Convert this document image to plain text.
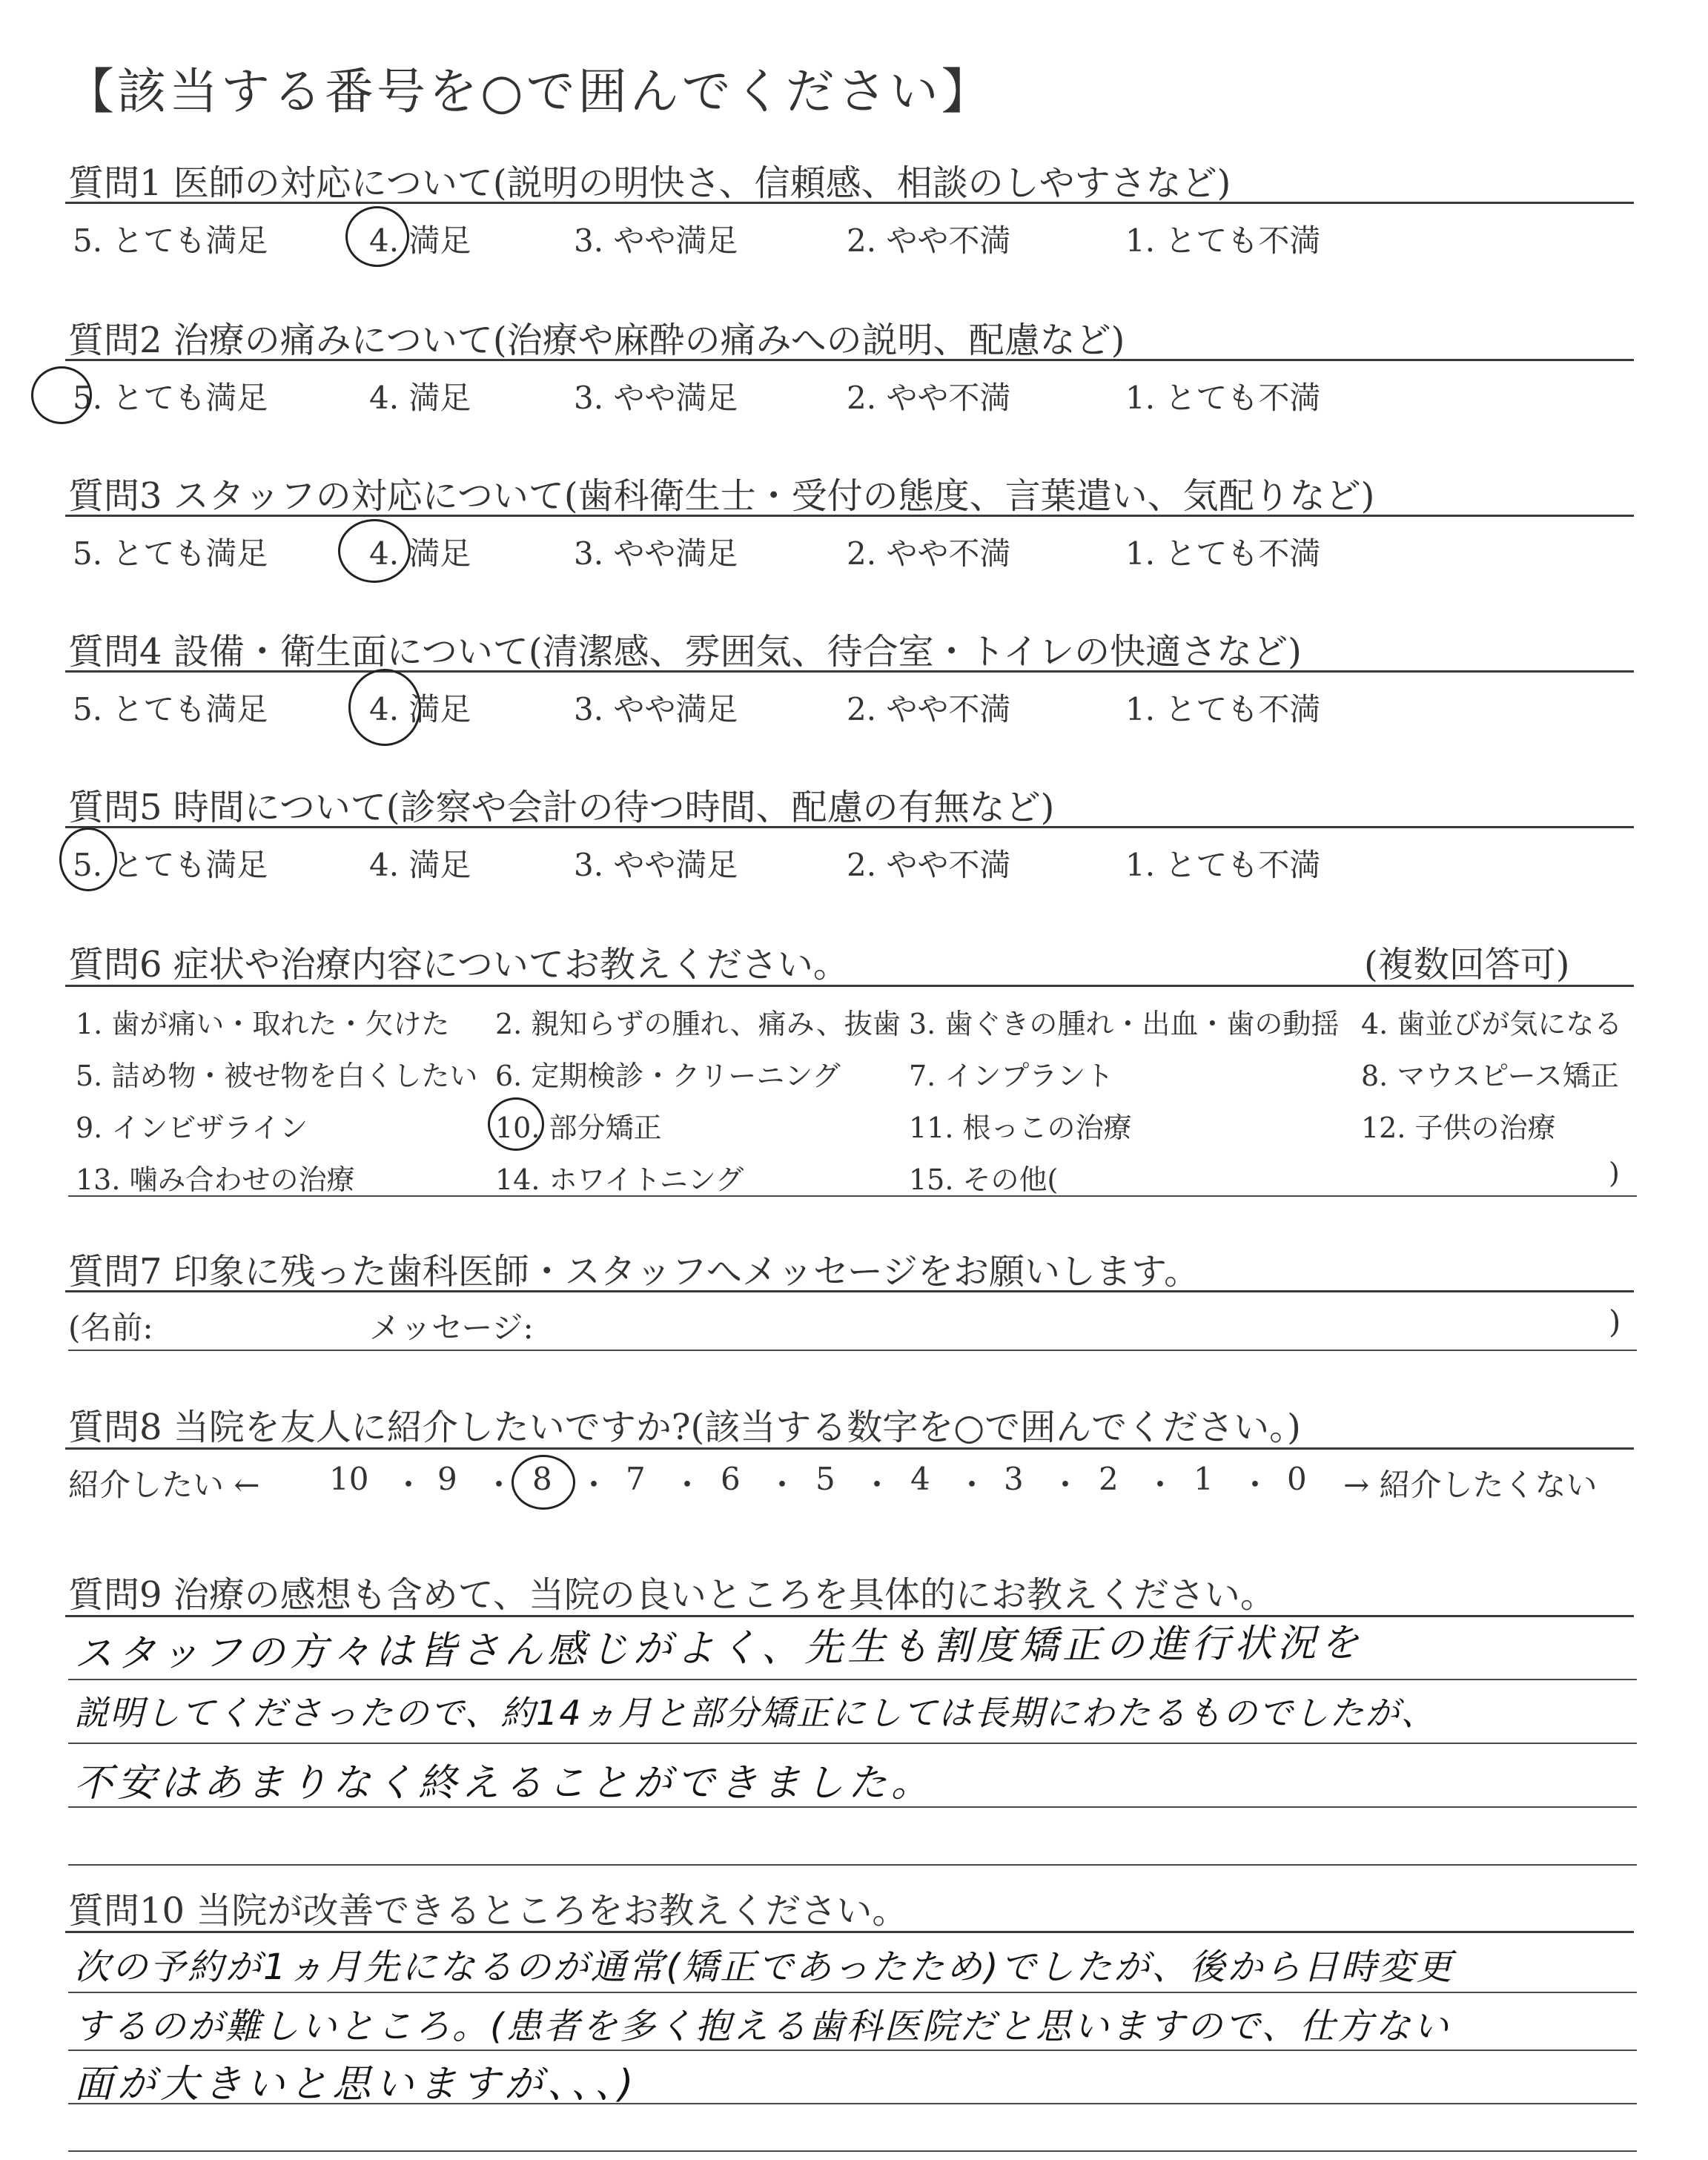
【該当する番号を○で囲んでください】
質問1 医師の対応について(説明の明快さ、信頼感、相談のしやすさなど)
5. とても満足	4. 満足	3. やや満足	2. やや不満	1. とても不満
質問2 治療の痛みについて(治療や麻酔の痛みへの説明、配慮など)
5. とても満足	4. 満足	3. やや満足	2. やや不満	1. とても不満
質問3 スタッフの対応について(歯科衛生士・受付の態度、言葉遣い、気配りなど)
5. とても満足	4. 満足	3. やや満足	2. やや不満	1. とても不満
質問4 設備・衛生面について(清潔感、雰囲気、待合室・トイレの快適さなど)
5. とても満足	4. 満足	3. やや満足	2. やや不満	1. とても不満
質問5 時間について(診察や会計の待つ時間、配慮の有無など)
5. とても満足	4. 満足	3. やや満足	2. やや不満	1. とても不満
質問6 症状や治療内容についてお教えください。	(複数回答可)
1. 歯が痛い・取れた・欠けた 2. 親知らずの腫れ、痛み、抜歯 3. 歯ぐきの腫れ・出血・歯の動揺 4. 歯並びが気になる
5. 詰め物・被せ物を白くしたい 6. 定期検診・クリーニング 7. インプラント	8. マウスピース矯正
9. インビザライン	10. 部分矯正	11. 根っこの治療	12. 子供の治療
13. 噛み合わせの治療	14. ホワイトニング	15. その他(	)
質問7 印象に残った歯科医師・スタッフへメッセージをお願いします。
(名前:	メッセージ:	)
質問8 当院を友人に紹介したいですか?(該当する数字を○で囲んでください。)
紹介したい ← 10 ・ 9 ・ 8 ・ 7 ・ 6 ・ 5 ・ 4 ・ 3 ・ 2 ・ 1 ・ 0 → 紹介したくない
質問9 治療の感想も含めて、当院の良いところを具体的にお教えください。
スタッフの方々は皆さん感じがよく、先生も割度矯正の進行状況を
説明してくださったので、約14ヵ月と部分矯正にしては長期にわたるものでしたが、
不安はあまりなく終えることができました。
質問10 当院が改善できるところをお教えください。
次の予約が1ヵ月先になるのが通常(矯正であったため)でしたが、後から日時変更
するのが難しいところ。(患者を多く抱える歯科医院だと思いますので、仕方ない
面が大きいと思いますが、、、)
